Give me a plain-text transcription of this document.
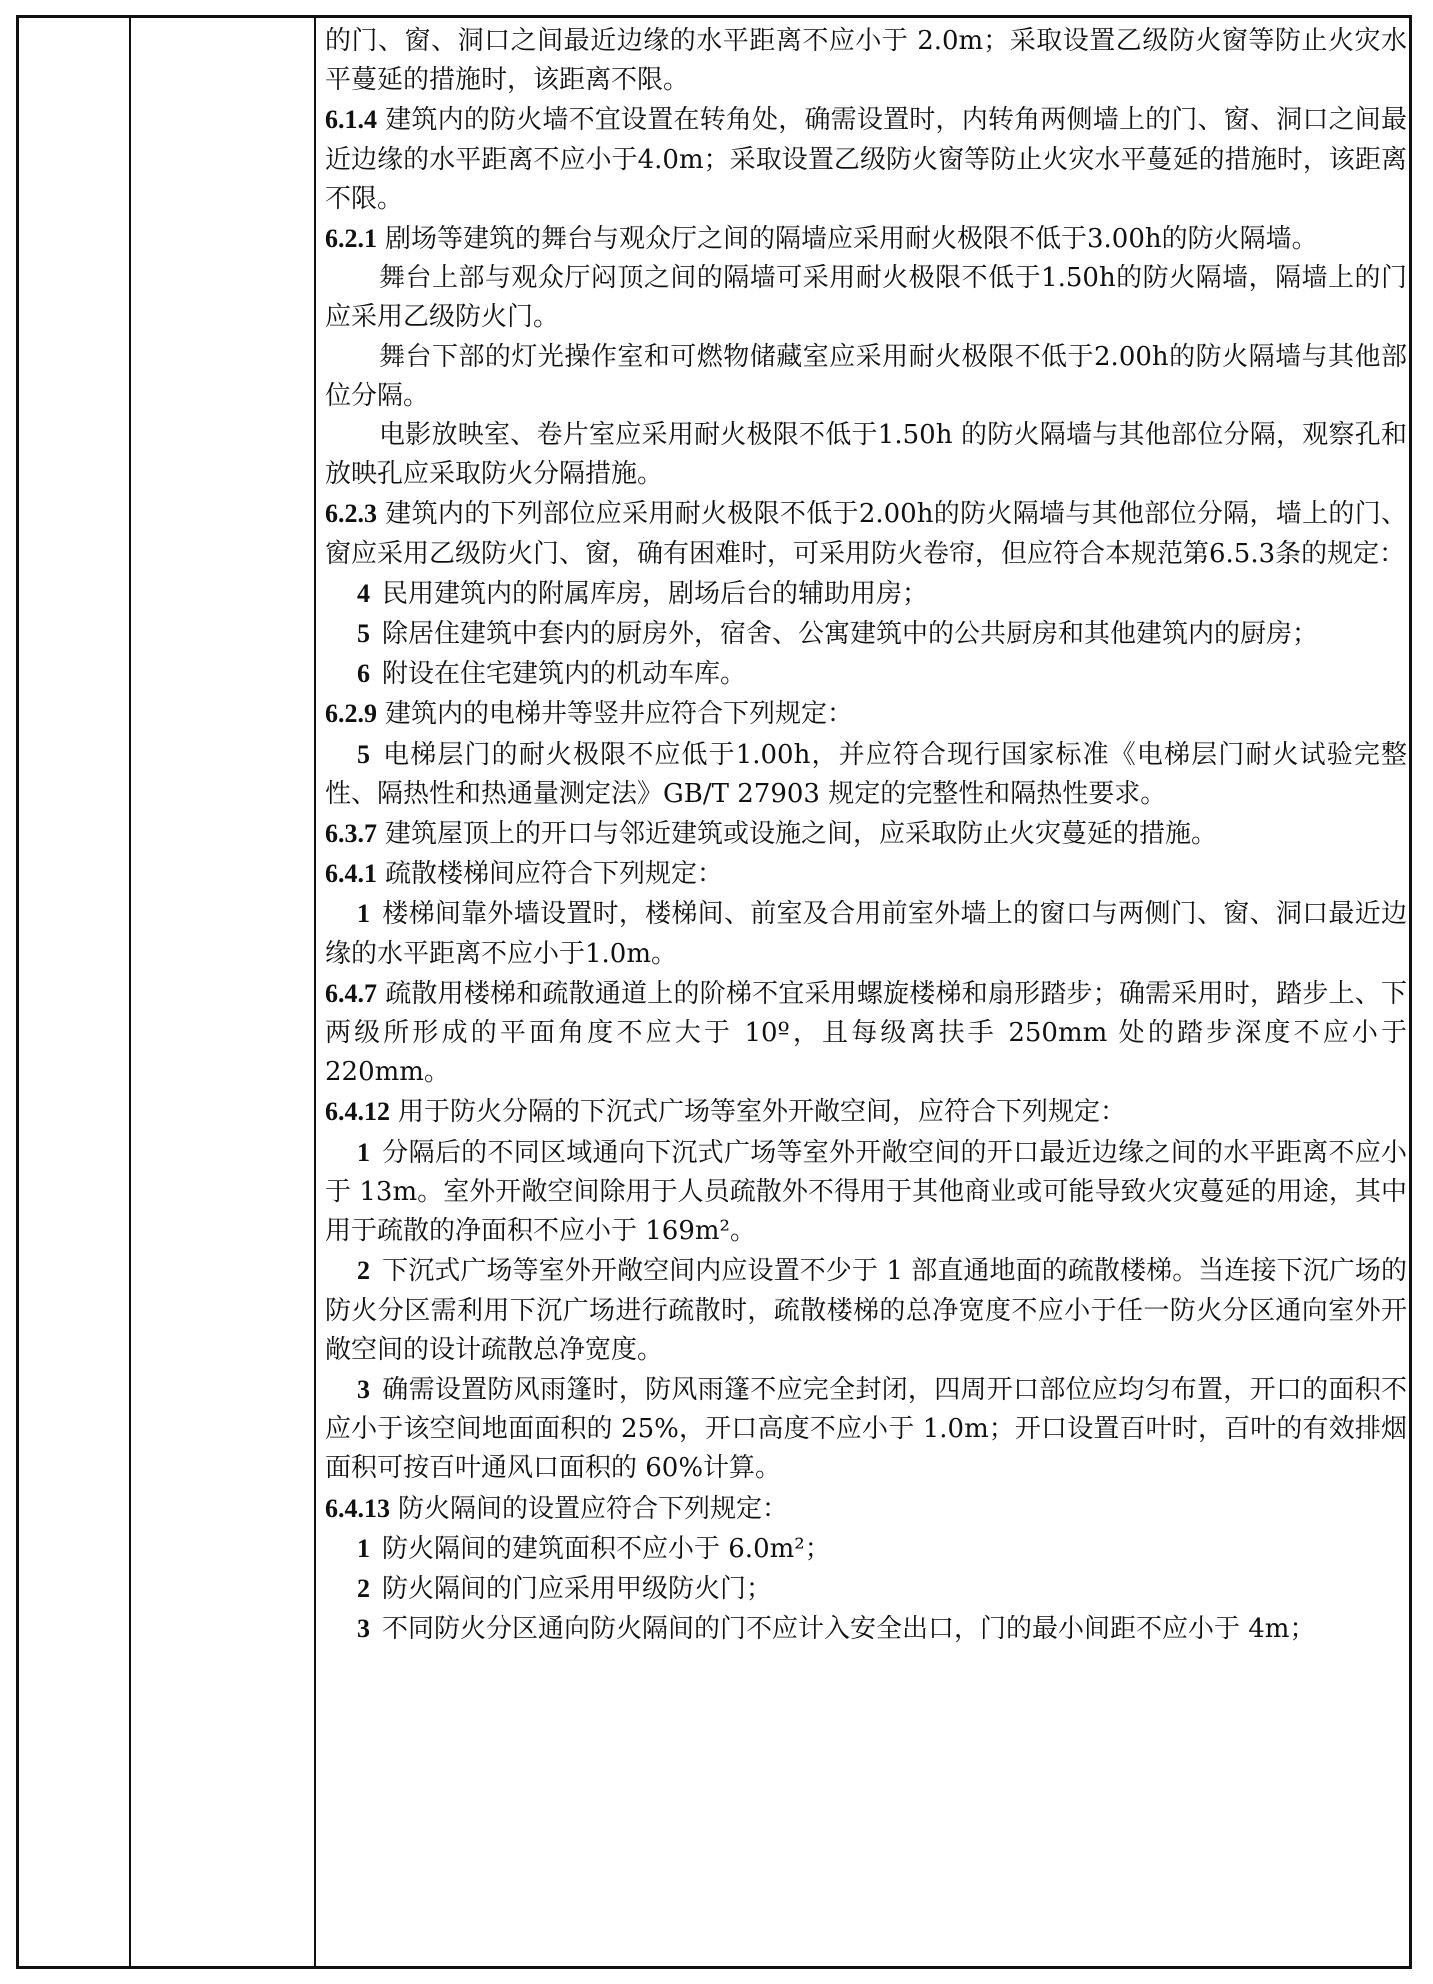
的门、窗、洞口之间最近边缘的水平距离不应小于 2.0m；采取设置乙级防火窗等防止火灾水平蔓延的措施时，该距离不限。

6.1.4 建筑内的防火墙不宜设置在转角处，确需设置时，内转角两侧墙上的门、窗、洞口之间最近边缘的水平距离不应小于4.0m；采取设置乙级防火窗等防止火灾水平蔓延的措施时，该距离不限。

6.2.1 剧场等建筑的舞台与观众厅之间的隔墙应采用耐火极限不低于3.00h的防火隔墙。

舞台上部与观众厅闷顶之间的隔墙可采用耐火极限不低于1.50h的防火隔墙，隔墙上的门应采用乙级防火门。

舞台下部的灯光操作室和可燃物储藏室应采用耐火极限不低于2.00h的防火隔墙与其他部位分隔。

电影放映室、卷片室应采用耐火极限不低于1.50h 的防火隔墙与其他部位分隔，观察孔和放映孔应采取防火分隔措施。

6.2.3 建筑内的下列部位应采用耐火极限不低于2.00h的防火隔墙与其他部位分隔，墙上的门、窗应采用乙级防火门、窗，确有困难时，可采用防火卷帘，但应符合本规范第6.5.3条的规定：

4 民用建筑内的附属库房，剧场后台的辅助用房；

5 除居住建筑中套内的厨房外，宿舍、公寓建筑中的公共厨房和其他建筑内的厨房；

6 附设在住宅建筑内的机动车库。

6.2.9 建筑内的电梯井等竖井应符合下列规定：

5 电梯层门的耐火极限不应低于1.00h，并应符合现行国家标准《电梯层门耐火试验完整性、隔热性和热通量测定法》GB/T 27903 规定的完整性和隔热性要求。

6.3.7 建筑屋顶上的开口与邻近建筑或设施之间，应采取防止火灾蔓延的措施。

6.4.1 疏散楼梯间应符合下列规定：

1 楼梯间靠外墙设置时，楼梯间、前室及合用前室外墙上的窗口与两侧门、窗、洞口最近边缘的水平距离不应小于1.0m。

6.4.7 疏散用楼梯和疏散通道上的阶梯不宜采用螺旋楼梯和扇形踏步；确需采用时，踏步上、下两级所形成的平面角度不应大于 10º，且每级离扶手 250mm 处的踏步深度不应小于 220mm。

6.4.12 用于防火分隔的下沉式广场等室外开敞空间，应符合下列规定：

1 分隔后的不同区域通向下沉式广场等室外开敞空间的开口最近边缘之间的水平距离不应小于 13m。室外开敞空间除用于人员疏散外不得用于其他商业或可能导致火灾蔓延的用途，其中用于疏散的净面积不应小于 169m²。

2 下沉式广场等室外开敞空间内应设置不少于 1 部直通地面的疏散楼梯。当连接下沉广场的防火分区需利用下沉广场进行疏散时，疏散楼梯的总净宽度不应小于任一防火分区通向室外开敞空间的设计疏散总净宽度。

3 确需设置防风雨篷时，防风雨篷不应完全封闭，四周开口部位应均匀布置，开口的面积不应小于该空间地面面积的 25%，开口高度不应小于 1.0m；开口设置百叶时，百叶的有效排烟面积可按百叶通风口面积的 60%计算。

6.4.13 防火隔间的设置应符合下列规定：

1 防火隔间的建筑面积不应小于 6.0m²；

2 防火隔间的门应采用甲级防火门；

3 不同防火分区通向防火隔间的门不应计入安全出口，门的最小间距不应小于 4m；
